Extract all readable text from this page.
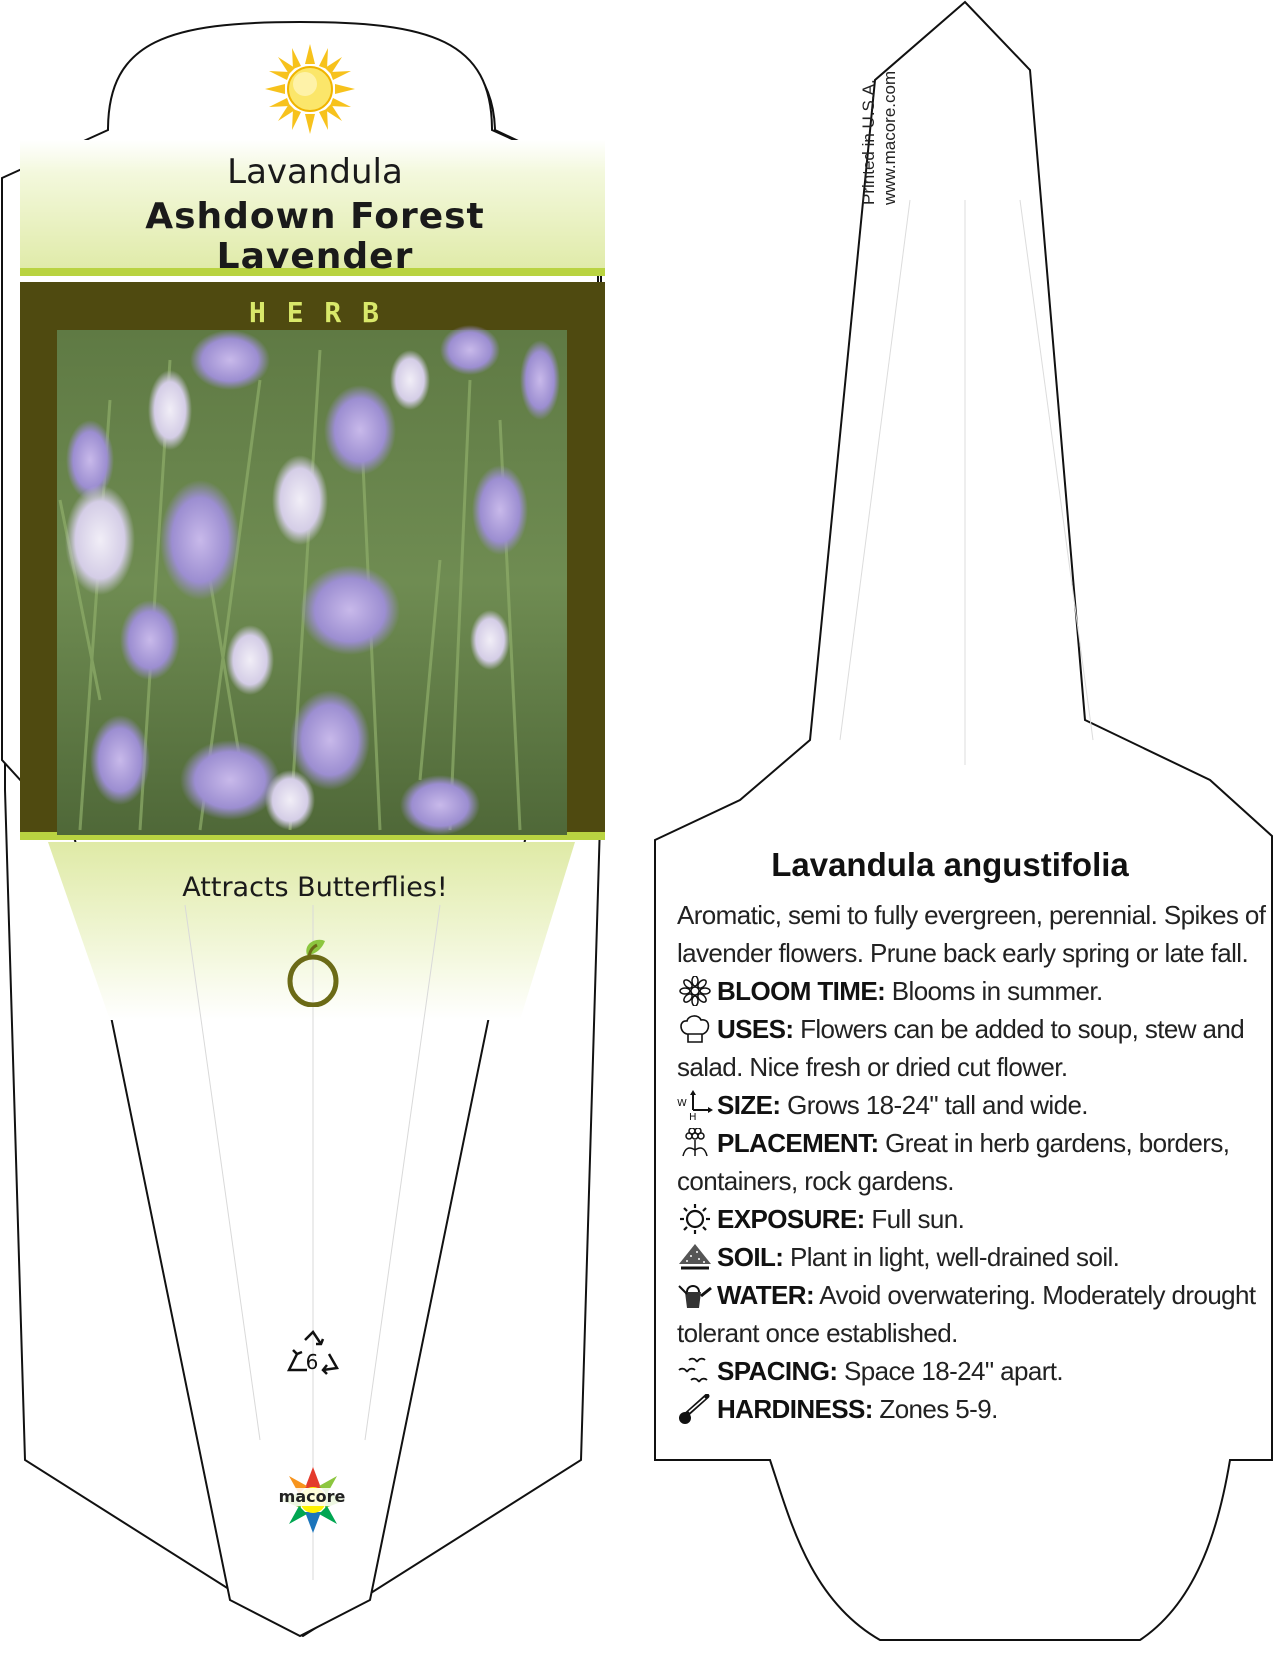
Lavandula
Ashdown Forest
Lavender
H E R B
Attracts Butterflies!
6
macore
Printed in U.S.A. www.macore.com
Lavandula angustifolia

Aromatic, semi to fully evergreen, perennial. Spikes of lavender flowers. Prune back early spring or late fall.

BLOOM TIME: Blooms in summer.

USES: Flowers can be added to soup, stew and salad. Nice fresh or dried cut flower.

W
H SIZE: Grows 18-24" tall and wide.

PLACEMENT: Great in herb gardens, borders, containers, rock gardens.

EXPOSURE: Full sun.

SOIL: Plant in light, well-drained soil.

WATER: Avoid overwatering. Moderately drought tolerant once established.

SPACING: Space 18-24" apart.

HARDINESS: Zones 5-9.
